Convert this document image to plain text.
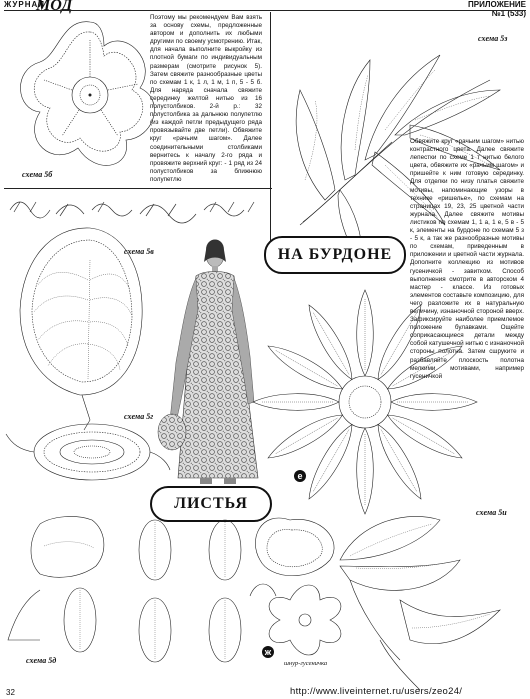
ЖУРНАЛ
МОД	ПРИЛОЖЕНИЕ
№1 (533)
схема 5б
Поэтому мы рекомендуем Вам взять за основу схемы, предложенные автором и дополнить их любыми другими по своему усмотрению. Итак, для начала выполните выкройку из плотной бумаги по индивидуальным размерам (смотрите рисунок 5). Затем свяжите разнообразные цветы по схемам 1 к, 1 л, 1 м, 1 п, 5 - 5 б. Для наряда сначала свяжите серединку желтой нитью из 16 полустолбиков. 2-й р.: 32 полустолбика за дальнюю полупетлю (из каждой петли предыдущего ряда провязывайте две петли). Обвяжите круг «рачьим шагом». Далее соединительными столбиками вернитесь к началу 2-го ряда и провяжите верхний круг: - 1 ряд из 24 полустолбиков за ближнюю полупетлю
схема 5з
Обвяжите круг «рачьим шагом» нитью контрастного цвета. Далее свяжите лепестки по схеме 1 т нитью белого цвета, обвяжите их «рачьим шагом» и пришейте к ним готовую серединку. Для отделки по низу платья свяжите мотивы, напоминающие узоры в технике «ришелье», по схемам на страницах 19, 23, 25 цветной части журнала. Далее свяжите мотивы листиков по схемам 1, 1 а, 1 е, 5 в - 5 к, элементы на бурдоне по схемам 5 з - 5 к, а так же разнообразные мотивы по схемам, приведенным в приложении и цветной части журнала. Дополните коллекцию из мотивов гусеничкой - завитком. Способ выполнения смотрите в авторском 4 мастер - классе. Из готовых элементов составьте композицию, для чего разложите их в натуральную величину, изнаночной стороной вверх. Зафиксируйте наиболее приемлемое положение булавками. Ощейте соприкасающиеся детали между собой катушечной нитью с изнаночной стороны полотна. Затем сшруките и разбавляйте плоскость полотна мелкими мотивами, например гусеничкой
НА БУРДОНЕ
схема 5в
схема 5г
ЛИСТЬЯ
е
ж
схема 5д
схема 5и
шнур-гусеничка
32	http://www.liveinternet.ru/users/zeo24/
